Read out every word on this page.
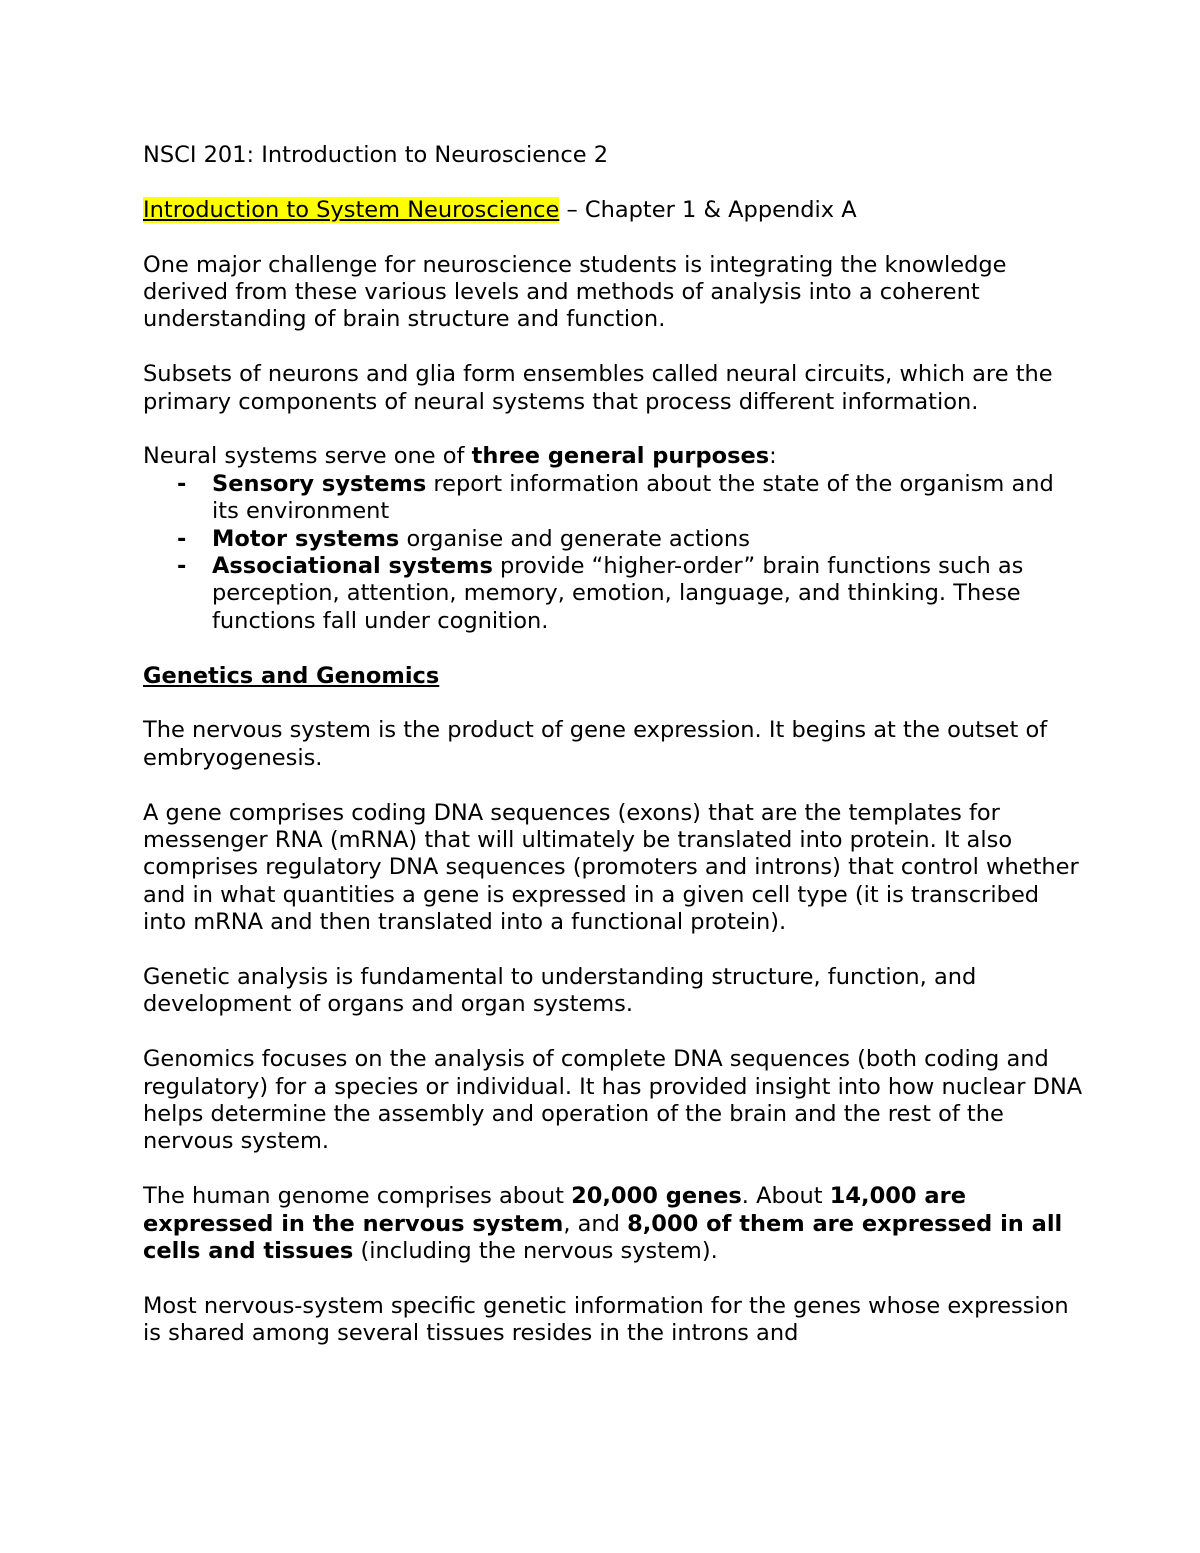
NSCI 201: Introduction to Neuroscience 2

Introduction to System Neuroscience – Chapter 1 & Appendix A

One major challenge for neuroscience students is integrating the knowledge derived from these various levels and methods of analysis into a coherent understanding of brain structure and function.

Subsets of neurons and glia form ensembles called neural circuits, which are the primary components of neural systems that process different information.

Neural systems serve one of three general purposes:
- Sensory systems report information about the state of the organism and its environment
- Motor systems organise and generate actions
- Associational systems provide “higher-order” brain functions such as perception, attention, memory, emotion, language, and thinking. These functions fall under cognition.

Genetics and Genomics

The nervous system is the product of gene expression. It begins at the outset of embryogenesis.

A gene comprises coding DNA sequences (exons) that are the templates for messenger RNA (mRNA) that will ultimately be translated into protein. It also comprises regulatory DNA sequences (promoters and introns) that control whether and in what quantities a gene is expressed in a given cell type (it is transcribed into mRNA and then translated into a functional protein).

Genetic analysis is fundamental to understanding structure, function, and development of organs and organ systems.

Genomics focuses on the analysis of complete DNA sequences (both coding and regulatory) for a species or individual. It has provided insight into how nuclear DNA helps determine the assembly and operation of the brain and the rest of the nervous system.

The human genome comprises about 20,000 genes. About 14,000 are expressed in the nervous system, and 8,000 of them are expressed in all cells and tissues (including the nervous system).

Most nervous-system specific genetic information for the genes whose expression is shared among several tissues resides in the introns and
